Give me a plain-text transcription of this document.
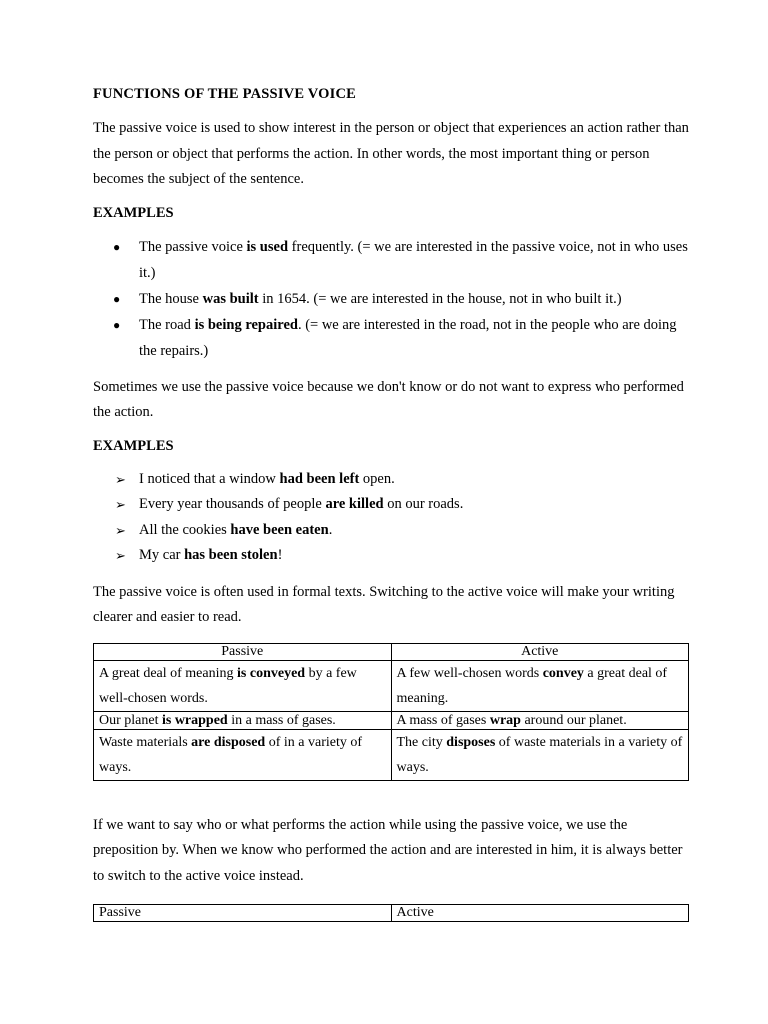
FUNCTIONS OF THE PASSIVE VOICE

The passive voice is used to show interest in the person or object that experiences an action rather than the person or object that performs the action. In other words, the most important thing or person becomes the subject of the sentence.

EXAMPLES
● The passive voice is used frequently. (= we are interested in the passive voice, not in who uses it.)
● The house was built in 1654. (= we are interested in the house, not in who built it.)
● The road is being repaired. (= we are interested in the road, not in the people who are doing the repairs.)

Sometimes we use the passive voice because we don't know or do not want to express who performed the action.

EXAMPLES
➢ I noticed that a window had been left open.
➢ Every year thousands of people are killed on our roads.
➢ All the cookies have been eaten.
➢ My car has been stolen!

The passive voice is often used in formal texts. Switching to the active voice will make your writing clearer and easier to read.

Passive	Active
A great deal of meaning is conveyed by a few well-chosen words.	A few well-chosen words convey a great deal of meaning.
Our planet is wrapped in a mass of gases.	A mass of gases wrap around our planet.
Waste materials are disposed of in a variety of ways.	The city disposes of waste materials in a variety of ways.

If we want to say who or what performs the action while using the passive voice, we use the preposition by. When we know who performed the action and are interested in him, it is always better to switch to the active voice instead.

Passive	Active
